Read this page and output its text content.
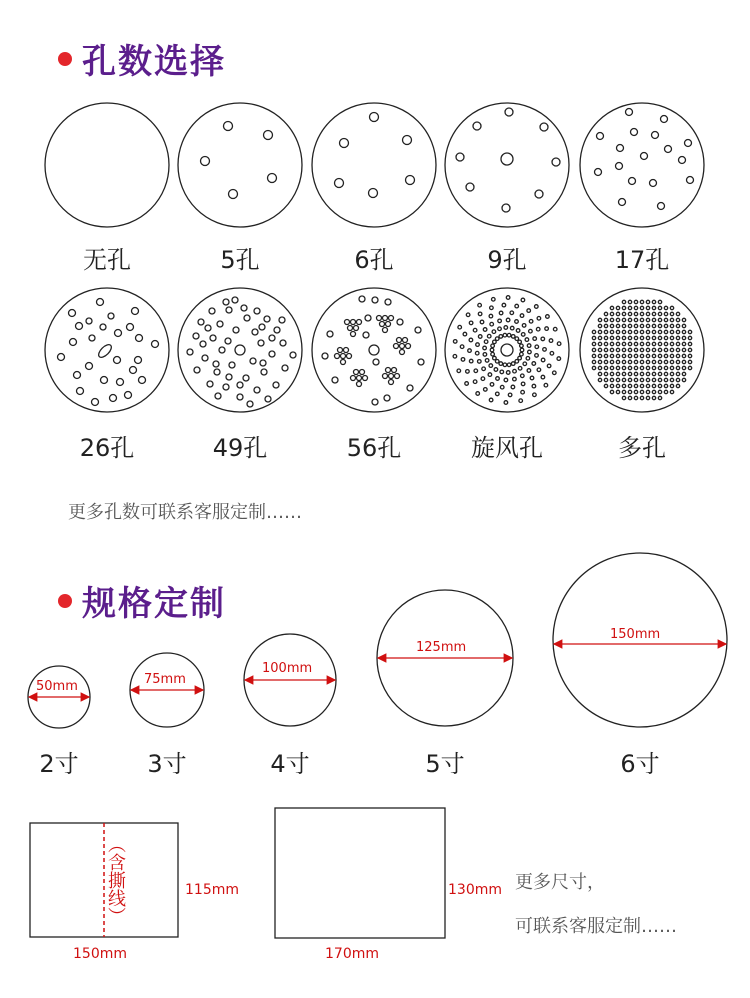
孔数选择
无孔	5孔	6孔	9孔	17孔
26孔	49孔	56孔	旋风孔	多孔
更多孔数可联系客服定制……
规格定制
50mm	75mm
100mm
125mm
150mm
2寸	3寸	4寸	5寸	6寸
（含撕线）	115mm
150mm
130mm
170mm
更多尺寸，
可联系客服定制……
